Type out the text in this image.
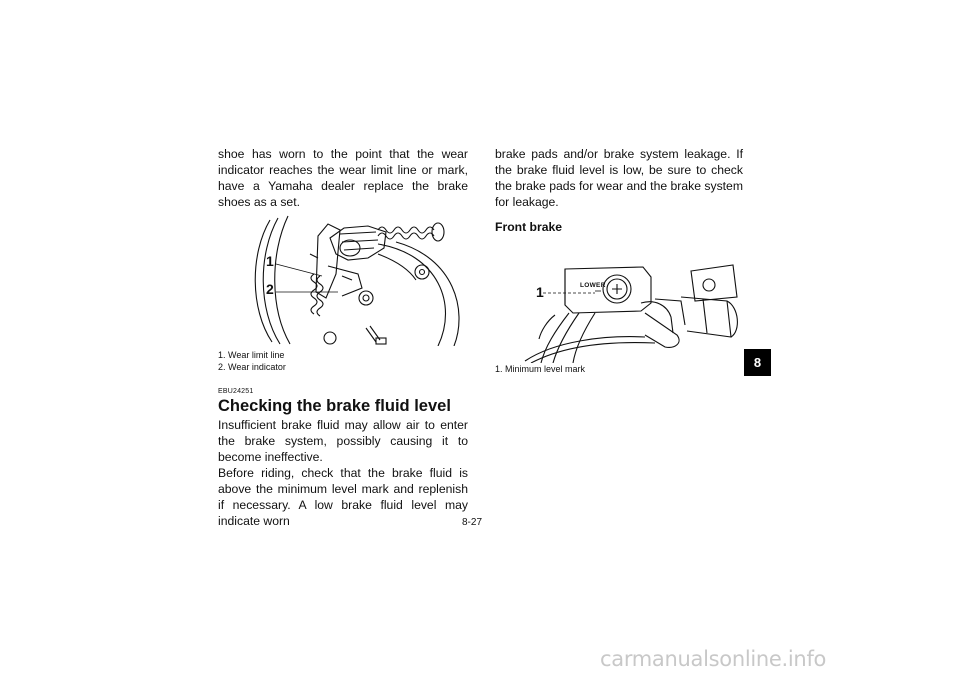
shoe has worn to the point that the wear indicator reaches the wear limit line or mark, have a Yamaha dealer replace the brake shoes as a set.

1
2
1. Wear limit line
2. Wear indicator
EBU24251
Checking the brake fluid level

Insufficient brake fluid may allow air to enter the brake system, possibly causing it to become ineffective.

Before riding, check that the brake fluid is above the minimum level mark and replenish if necessary. A low brake fluid level may indicate worn

brake pads and/or brake system leakage. If the brake fluid level is low, be sure to check the brake pads for wear and the brake system for leakage.

Front brake
1	LOWER
1. Minimum level mark	8
8-27
carmanualsonline.info
